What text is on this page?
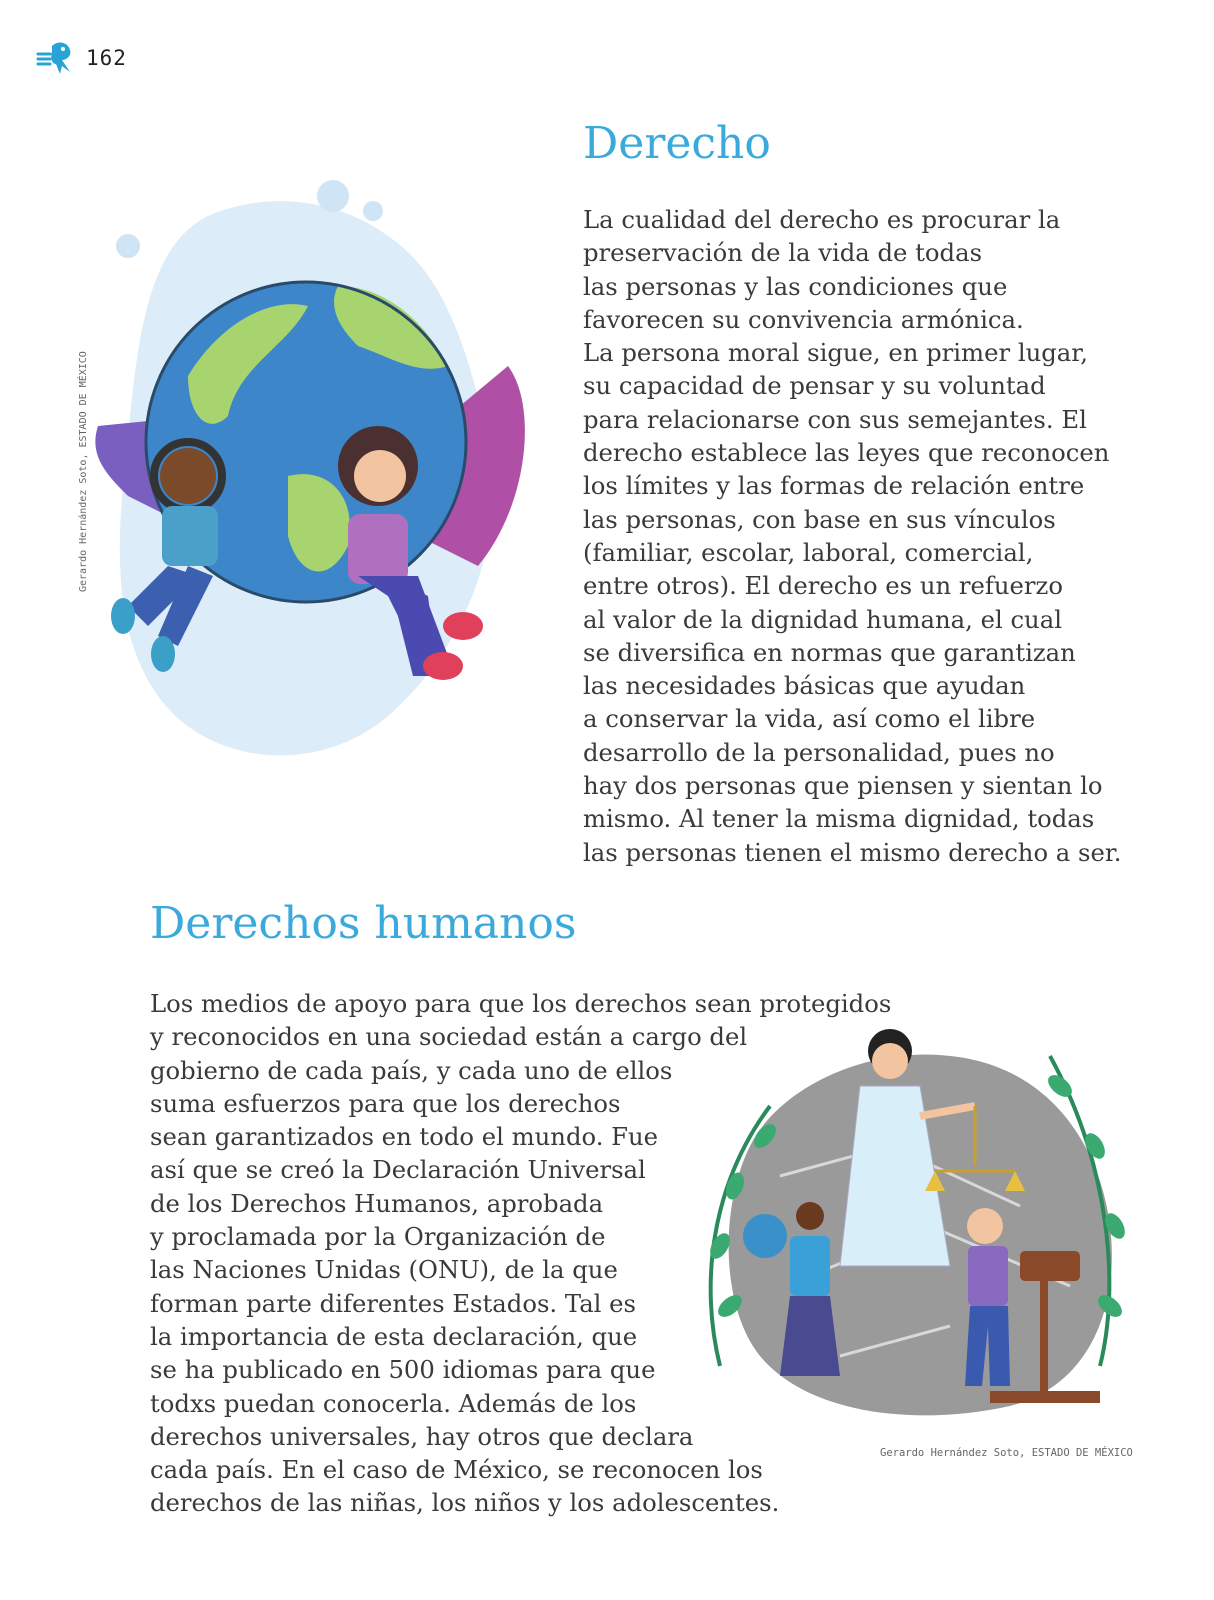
162
Gerardo Hernández Soto, ESTADO DE MÉXICO
Derecho

La cualidad del derecho es procurar la
preservación de la vida de todas
las personas y las condiciones que
favorecen su convivencia armónica.
La persona moral sigue, en primer lugar,
su capacidad de pensar y su voluntad
para relacionarse con sus semejantes. El
derecho establece las leyes que reconocen
los límites y las formas de relación entre
las personas, con base en sus vínculos
(familiar, escolar, laboral, comercial,
entre otros). El derecho es un refuerzo
al valor de la dignidad humana, el cual
se diversifica en normas que garantizan
las necesidades básicas que ayudan
a conservar la vida, así como el libre
desarrollo de la personalidad, pues no
hay dos personas que piensen y sientan lo
mismo. Al tener la misma dignidad, todas
las personas tienen el mismo derecho a ser.

Derechos humanos

Los medios de apoyo para que los derechos sean protegidos
y reconocidos en una sociedad están a cargo del
gobierno de cada país, y cada uno de ellos
suma esfuerzos para que los derechos
sean garantizados en todo el mundo. Fue
así que se creó la Declaración Universal
de los Derechos Humanos, aprobada
y proclamada por la Organización de
las Naciones Unidas (ONU), de la que
forman parte diferentes Estados. Tal es
la importancia de esta declaración, que
se ha publicado en 500 idiomas para que
todxs puedan conocerla. Además de los
derechos universales, hay otros que declara
cada país. En el caso de México, se reconocen los
derechos de las niñas, los niños y los adolescentes.

Gerardo Hernández Soto, ESTADO DE MÉXICO
